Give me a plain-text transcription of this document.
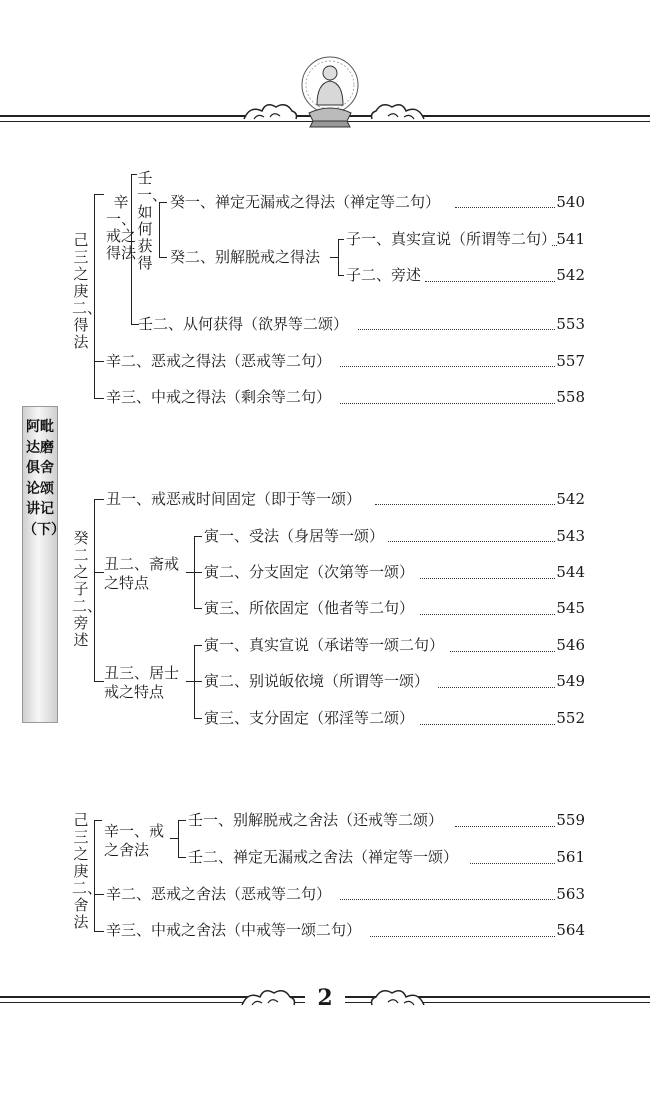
阿毗达磨俱舍论颂讲记（下）
己三之庚二、得法
辛一、戒之得法
壬一、如何获得
癸一、禅定无漏戒之得法（禅定等二句）	540
癸二、别解脱戒之得法
子一、真实宣说（所谓等二句） 541
子二、旁述	542
壬二、从何获得（欲界等二颂）	553
辛二、恶戒之得法（恶戒等二句）	557
辛三、中戒之得法（剩余等二句）	558
癸二之子二、旁述
丑一、戒恶戒时间固定（即于等一颂）	542
丑二、斋戒之特点
寅一、受法（身居等一颂）	543
寅二、分支固定（次第等一颂）	544
寅三、所依固定（他者等二句）	545
丑三、居士戒之特点
寅一、真实宣说（承诺等一颂二句）	546
寅二、别说皈依境（所谓等一颂）	549
寅三、支分固定（邪淫等二颂）	552
己三之庚二、舍法
辛一、戒之舍法
壬一、别解脱戒之舍法（还戒等二颂）	559
壬二、禅定无漏戒之舍法（禅定等一颂）	561
辛二、恶戒之舍法（恶戒等二句）	563
辛三、中戒之舍法（中戒等一颂二句）	564
2
